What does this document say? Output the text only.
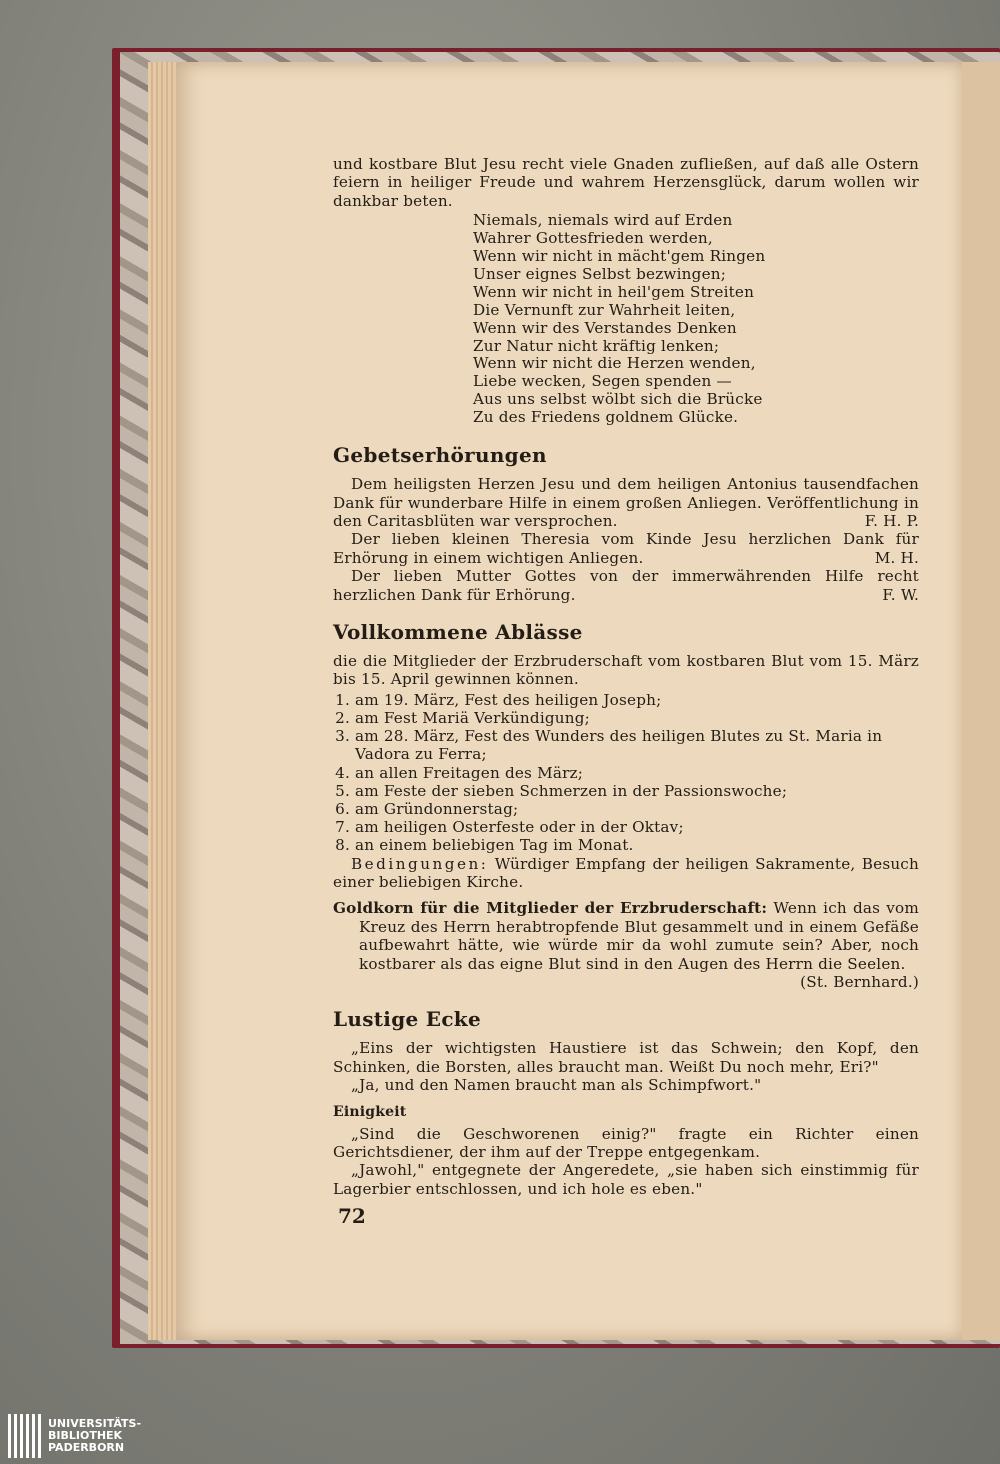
und kostbare Blut Jesu recht viele Gnaden zufließen, auf daß alle Ostern feiern in heiliger Freude und wahrem Herzensglück, darum wollen wir dankbar beten.

Niemals, niemals wird auf Erden
Wahrer Gottesfrieden werden,
Wenn wir nicht in mächt'gem Ringen
Unser eignes Selbst bezwingen;
Wenn wir nicht in heil'gem Streiten
Die Vernunft zur Wahrheit leiten,
Wenn wir des Verstandes Denken
Zur Natur nicht kräftig lenken;
Wenn wir nicht die Herzen wenden,
Liebe wecken, Segen spenden —
Aus uns selbst wölbt sich die Brücke
Zu des Friedens goldnem Glücke.
Gebetserhörungen

Dem heiligsten Herzen Jesu und dem heiligen Antonius tausendfachen Dank für wunderbare Hilfe in einem großen Anliegen. Veröffentlichung in den Caritasblüten war versprochen.	F. H. P.

Der lieben kleinen Theresia vom Kinde Jesu herzlichen Dank für Erhörung in einem wichtigen Anliegen.	M. H.

Der lieben Mutter Gottes von der immerwährenden Hilfe recht herzlichen Dank für Erhörung.	F. W.

Vollkommene Ablässe

die die Mitglieder der Erzbruderschaft vom kostbaren Blut vom 15. März bis 15. April gewinnen können.

1. am 19. März, Fest des heiligen Joseph;
2. am Fest Mariä Verkündigung;
3. am 28. März, Fest des Wunders des heiligen Blutes zu St. Maria in Vadora zu Ferra;
4. an allen Freitagen des März;
5. am Feste der sieben Schmerzen in der Passionswoche;
6. am Gründonnerstag;
7. am heiligen Osterfeste oder in der Oktav;
8. an einem beliebigen Tag im Monat.

Bedingungen: Würdiger Empfang der heiligen Sakramente, Besuch einer beliebigen Kirche.

Goldkorn für die Mitglieder der Erzbruderschaft: Wenn ich das vom Kreuz des Herrn herabtropfende Blut gesammelt und in einem Gefäße aufbewahrt hätte, wie würde mir da wohl zumute sein? Aber, noch kostbarer als das eigne Blut sind in den Augen des Herrn die Seelen.
(St. Bernhard.)

Lustige Ecke

„Eins der wichtigsten Haustiere ist das Schwein; den Kopf, den Schinken, die Borsten, alles braucht man. Weißt Du noch mehr, Eri?"

„Ja, und den Namen braucht man als Schimpfwort."

Einigkeit

„Sind die Geschworenen einig?" fragte ein Richter einen Gerichtsdiener, der ihm auf der Treppe entgegenkam.

„Jawohl," entgegnete der Angeredete, „sie haben sich einstimmig für Lagerbier entschlossen, und ich hole es eben."

72
UNIVERSITÄTS-
BIBLIOTHEK
PADERBORN
